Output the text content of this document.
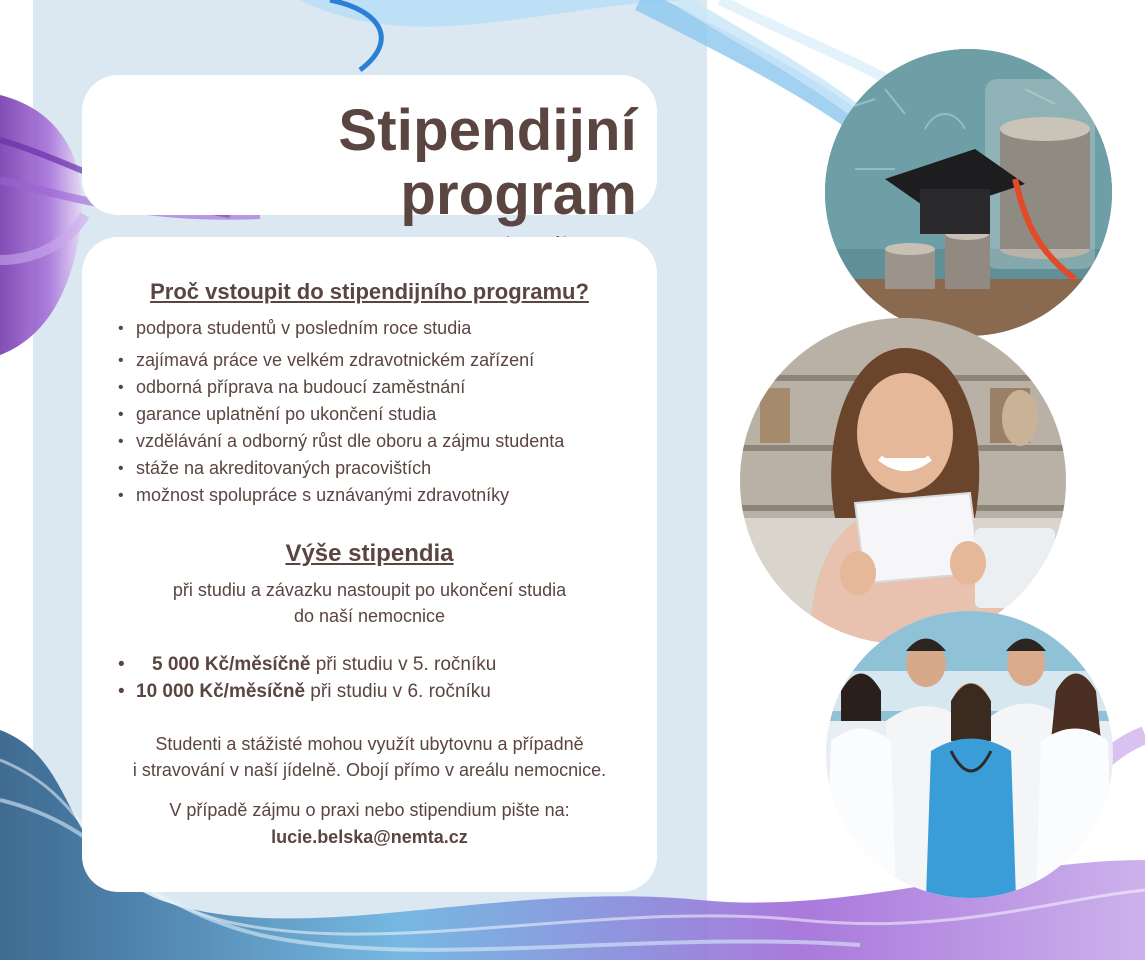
Stipendijní program
Proč vstoupit do stipendijního programu?
• podpora studentů v posledním roce studia
• zajímavá práce ve velkém zdravotnickém zařízení
• odborná příprava na budoucí zaměstnání
• garance uplatnění po ukončení studia
• vzdělávání a odborný růst dle oboru a zájmu studenta
• stáže na akreditovaných pracovištích
• možnost spolupráce s uznávanými zdravotníky
Výše stipendia
při studiu a závazku nastoupit po ukončení studia
do naší nemocnice
• 5 000 Kč/měsíčně při studiu v 5. ročníku
• 10 000 Kč/měsíčně při studiu v 6. ročníku
Studenti a stážisté mohou využít ubytovnu a případně
i stravování v naší jídelně. Obojí přímo v areálu nemocnice.
V případě zájmu o praxi nebo stipendium pište na:
lucie.belska@nemta.cz
